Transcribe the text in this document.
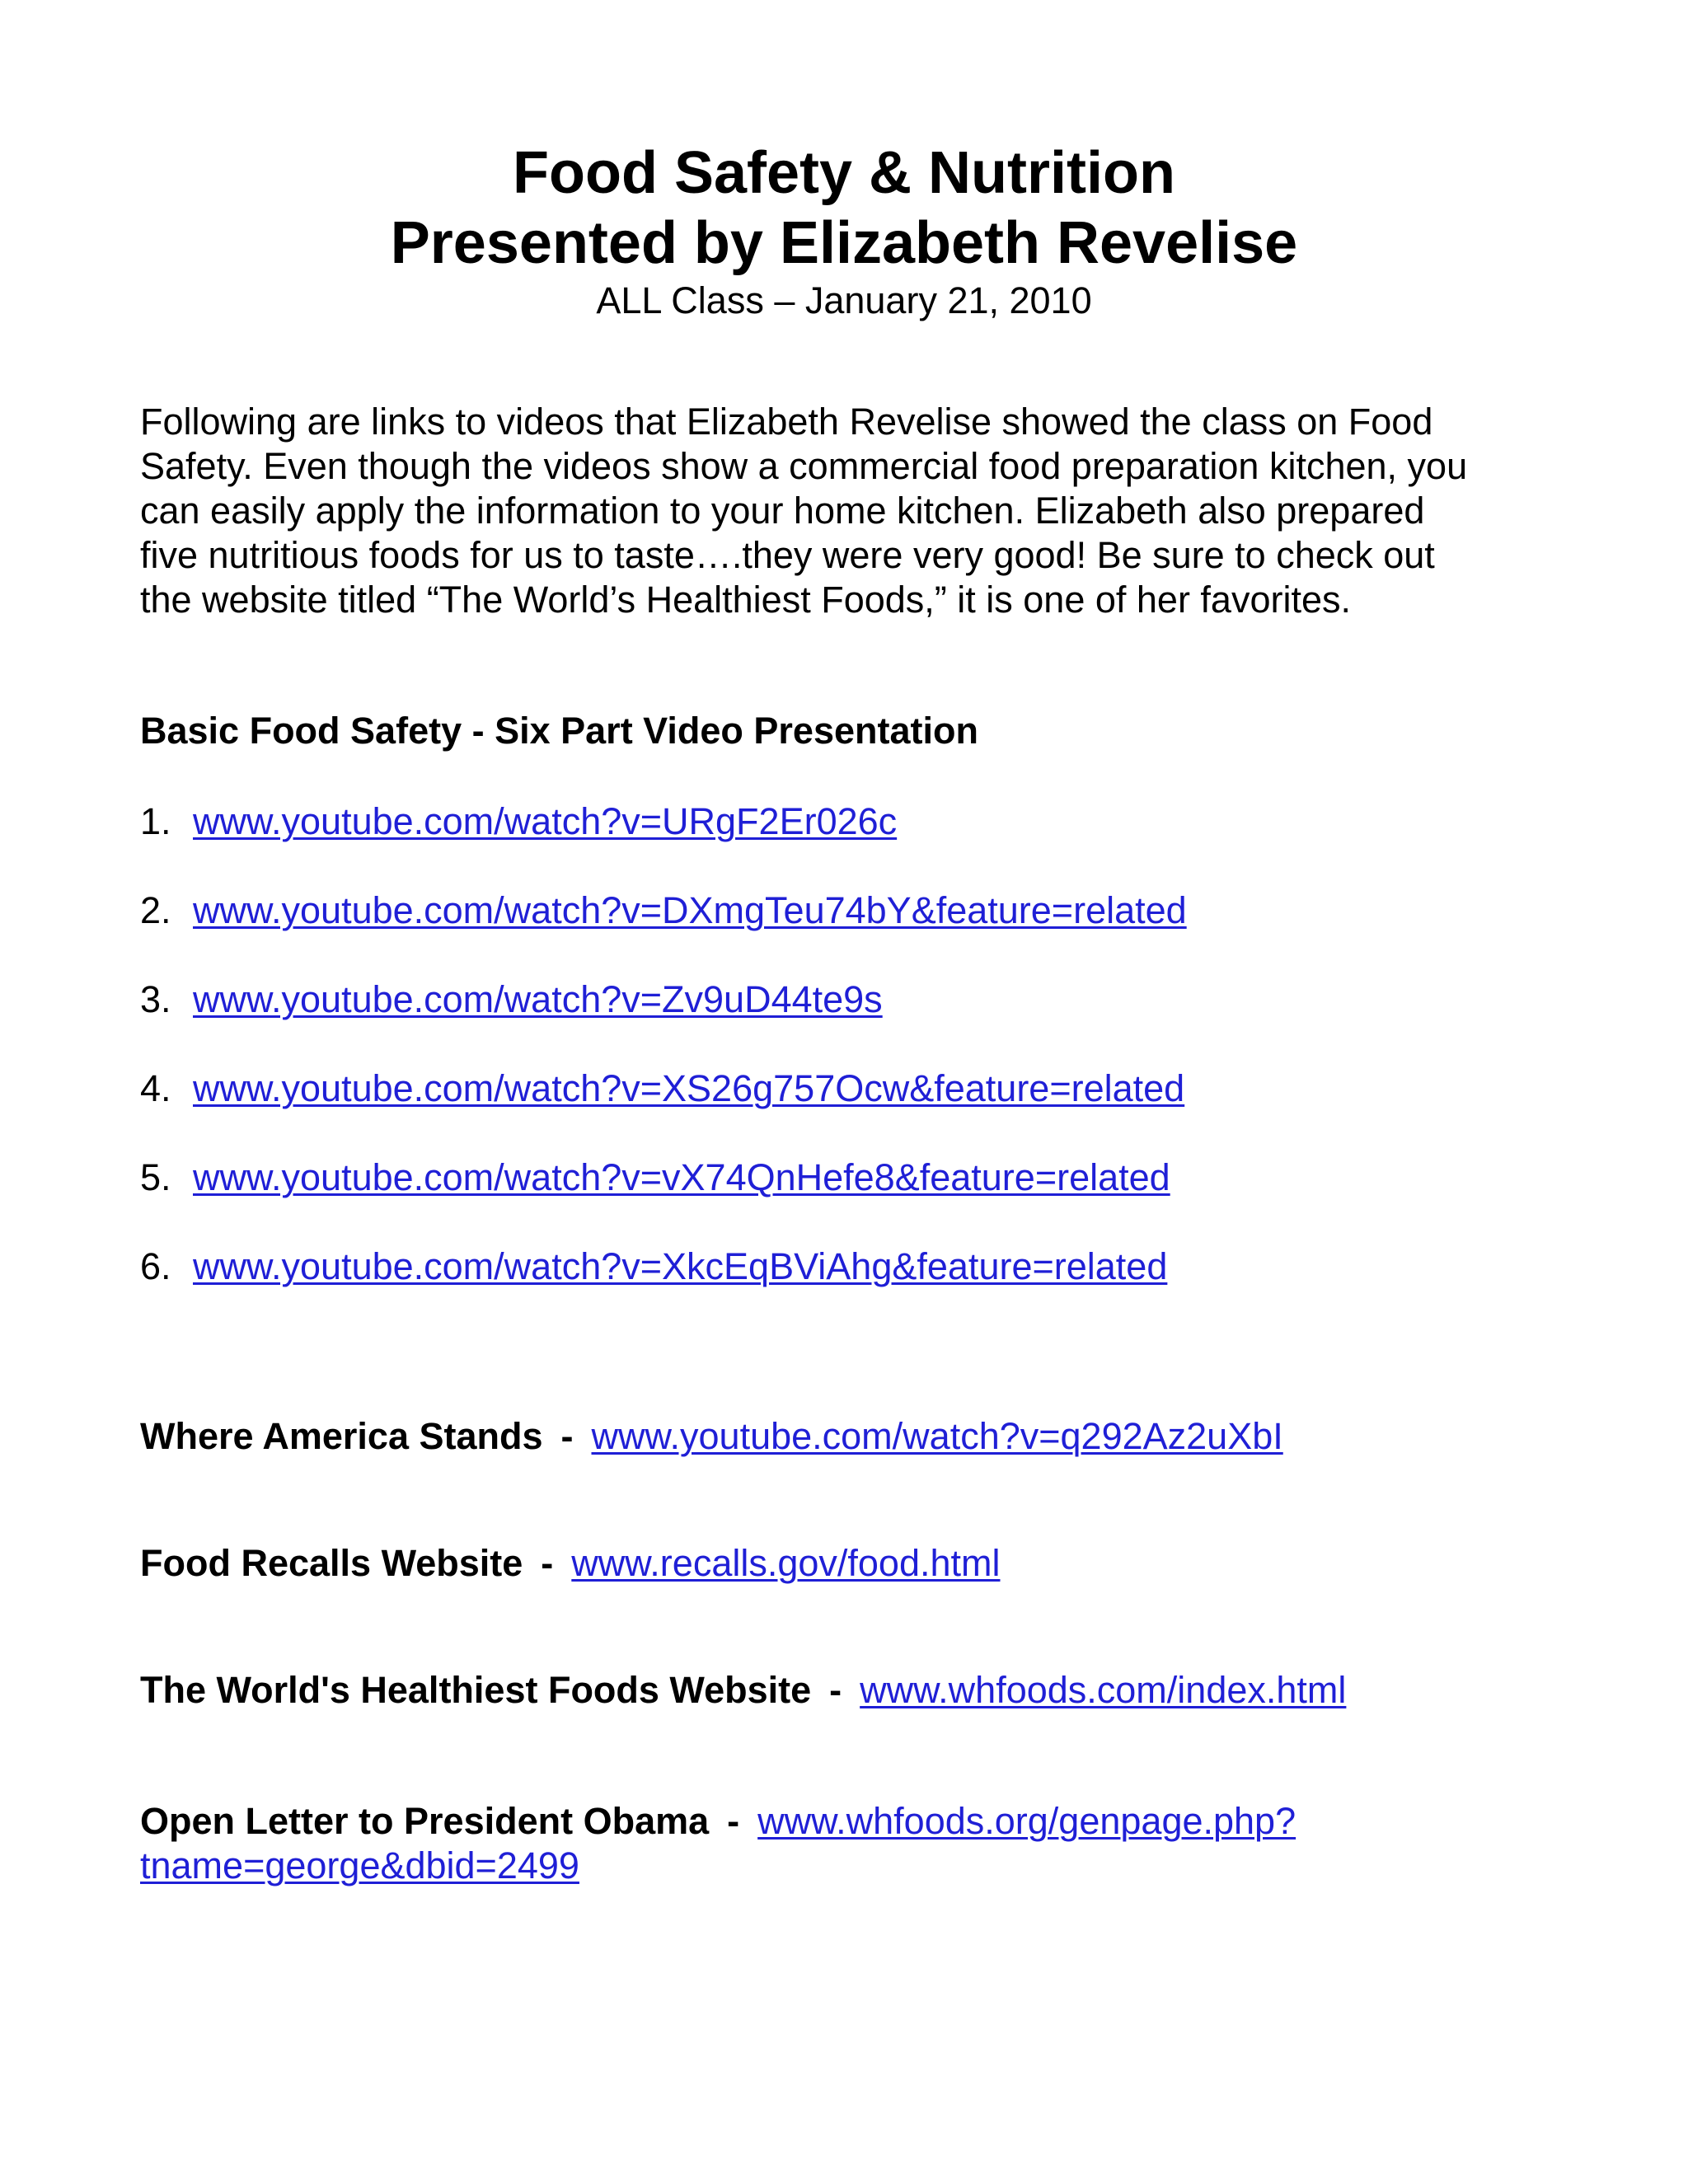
Food Safety & Nutrition
Presented by Elizabeth Revelise

ALL Class – January 21, 2010

Following are links to videos that Elizabeth Revelise showed the class on Food
Safety. Even though the videos show a commercial food preparation kitchen, you
can easily apply the information to your home kitchen. Elizabeth also prepared
five nutritious foods for us to taste….they were very good! Be sure to check out
the website titled “The World’s Healthiest Foods,” it is one of her favorites.

Basic Food Safety - Six Part Video Presentation

1. www.youtube.com/watch?v=URgF2Er026c
2. www.youtube.com/watch?v=DXmgTeu74bY&feature=related
3. www.youtube.com/watch?v=Zv9uD44te9s
4. www.youtube.com/watch?v=XS26g757Ocw&feature=related
5. www.youtube.com/watch?v=vX74QnHefe8&feature=related
6. www.youtube.com/watch?v=XkcEqBViAhg&feature=related
Where America Stands - www.youtube.com/watch?v=q292Az2uXbI
Food Recalls Website - www.recalls.gov/food.html
The World's Healthiest Foods Website - www.whfoods.com/index.html
Open Letter to President Obama - www.whfoods.org/genpage.php?
tname=george&dbid=2499
